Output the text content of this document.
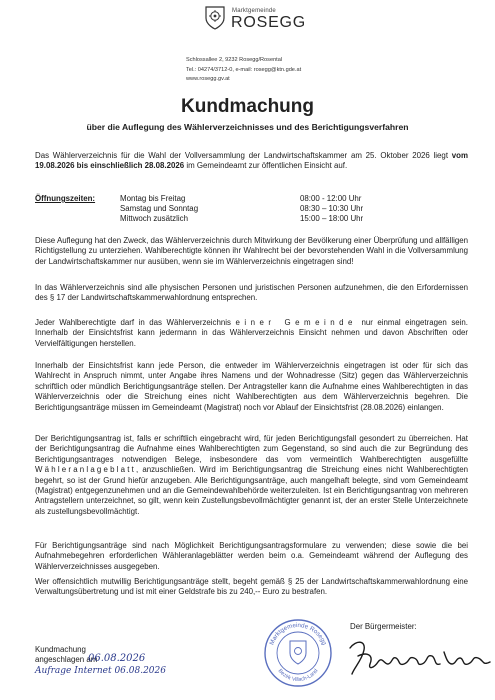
Marktgemeinde
ROSEGG
Schlossallee 2, 9232 Rosegg/Rosental
Tel.: 04274/3712-0, e-mail: rosegg@ktn.gde.at
www.rosegg.gv.at
Kundmachung
über die Auflegung des Wählerverzeichnisses und des Berichtigungsverfahren
Das Wählerverzeichnis für die Wahl der Vollversammlung der Landwirtschaftskammer am 25. Oktober 2026 liegt vom 19.08.2026 bis einschließlich 28.08.2026 im Gemeindeamt zur öffentlichen Einsicht auf.
Öffnungszeiten:	Montag bis Freitag	08:00 - 12:00 Uhr
Samstag und Sonntag	08:30 – 10:30 Uhr
Mittwoch zusätzlich	15:00 – 18:00 Uhr
Diese Auflegung hat den Zweck, das Wählerverzeichnis durch Mitwirkung der Bevölkerung einer Überprüfung und allfälligen Richtigstellung zu unterziehen. Wahlberechtigte können ihr Wahlrecht bei der bevorstehenden Wahl in die Vollversammlung der Landwirtschaftskammer nur ausüben, wenn sie im Wählerverzeichnis eingetragen sind!
In das Wählerverzeichnis sind alle physischen Personen und juristischen Personen aufzunehmen, die den Erfordernissen des § 17 der Landwirtschaftskammerwahlordnung entsprechen.
Jeder Wahlberechtigte darf in das Wählerverzeichnis einer Gemeinde nur einmal eingetragen sein. Innerhalb der Einsichtsfrist kann jedermann in das Wählerverzeichnis Einsicht nehmen und davon Abschriften oder Vervielfältigungen herstellen.
Innerhalb der Einsichtsfrist kann jede Person, die entweder im Wählerverzeichnis eingetragen ist oder für sich das Wahlrecht in Anspruch nimmt, unter Angabe ihres Namens und der Wohnadresse (Sitz) gegen das Wählerverzeichnis schriftlich oder mündlich Berichtigungsanträge stellen. Der Antragsteller kann die Aufnahme eines Wahlberechtigten in das Wählerverzeichnis oder die Streichung eines nicht Wahlberechtigten aus dem Wählerverzeichnis begehren. Die Berichtigungsanträge müssen im Gemeindeamt (Magistrat) noch vor Ablauf der Einsichtsfrist (28.08.2026) einlangen.
Der Berichtigungsantrag ist, falls er schriftlich eingebracht wird, für jeden Berichtigungsfall gesondert zu überreichen. Hat der Berichtigungsantrag die Aufnahme eines Wahlberechtigten zum Gegenstand, so sind auch die zur Begründung des Berichtigungsantrages notwendigen Belege, insbesondere das vom vermeintlich Wahlberechtigten ausgefüllte Wähleranlageblatt, anzuschließen. Wird im Berichtigungsantrag die Streichung eines nicht Wahlberechtigten begehrt, so ist der Grund hiefür anzugeben. Alle Berichtigungsanträge, auch mangelhaft belegte, sind vom Gemeindeamt (Magistrat) entgegenzunehmen und an die Gemeindewahlbehörde weiterzuleiten. Ist ein Berichtigungsantrag von mehreren Antragstellern unterzeichnet, so gilt, wenn kein Zustellungsbevollmächtigter genannt ist, der an erster Stelle Unterzeichnete als zustellungsbevollmächtigt.
Für Berichtigungsanträge sind nach Möglichkeit Berichtigungsantragsformulare zu verwenden; diese sowie die bei Aufnahmebegehren erforderlichen Wähleranlageblätter werden beim o.a. Gemeindeamt während der Auflegung des Wählerverzeichnisses ausgegeben.
Wer offensichtlich mutwillig Berichtigungsanträge stellt, begeht gemäß § 25 der Landwirtschaftskammerwahlordnung eine Verwaltungsübertretung und ist mit einer Geldstrafe bis zu 240,-- Euro zu bestrafen.
Kundmachung
angeschlagen am
06.08.2026
Aufrage Internet 06.08.2026
Marktgemeinde Rosegg
Bezirk Villach-Land
Der Bürgermeister:
